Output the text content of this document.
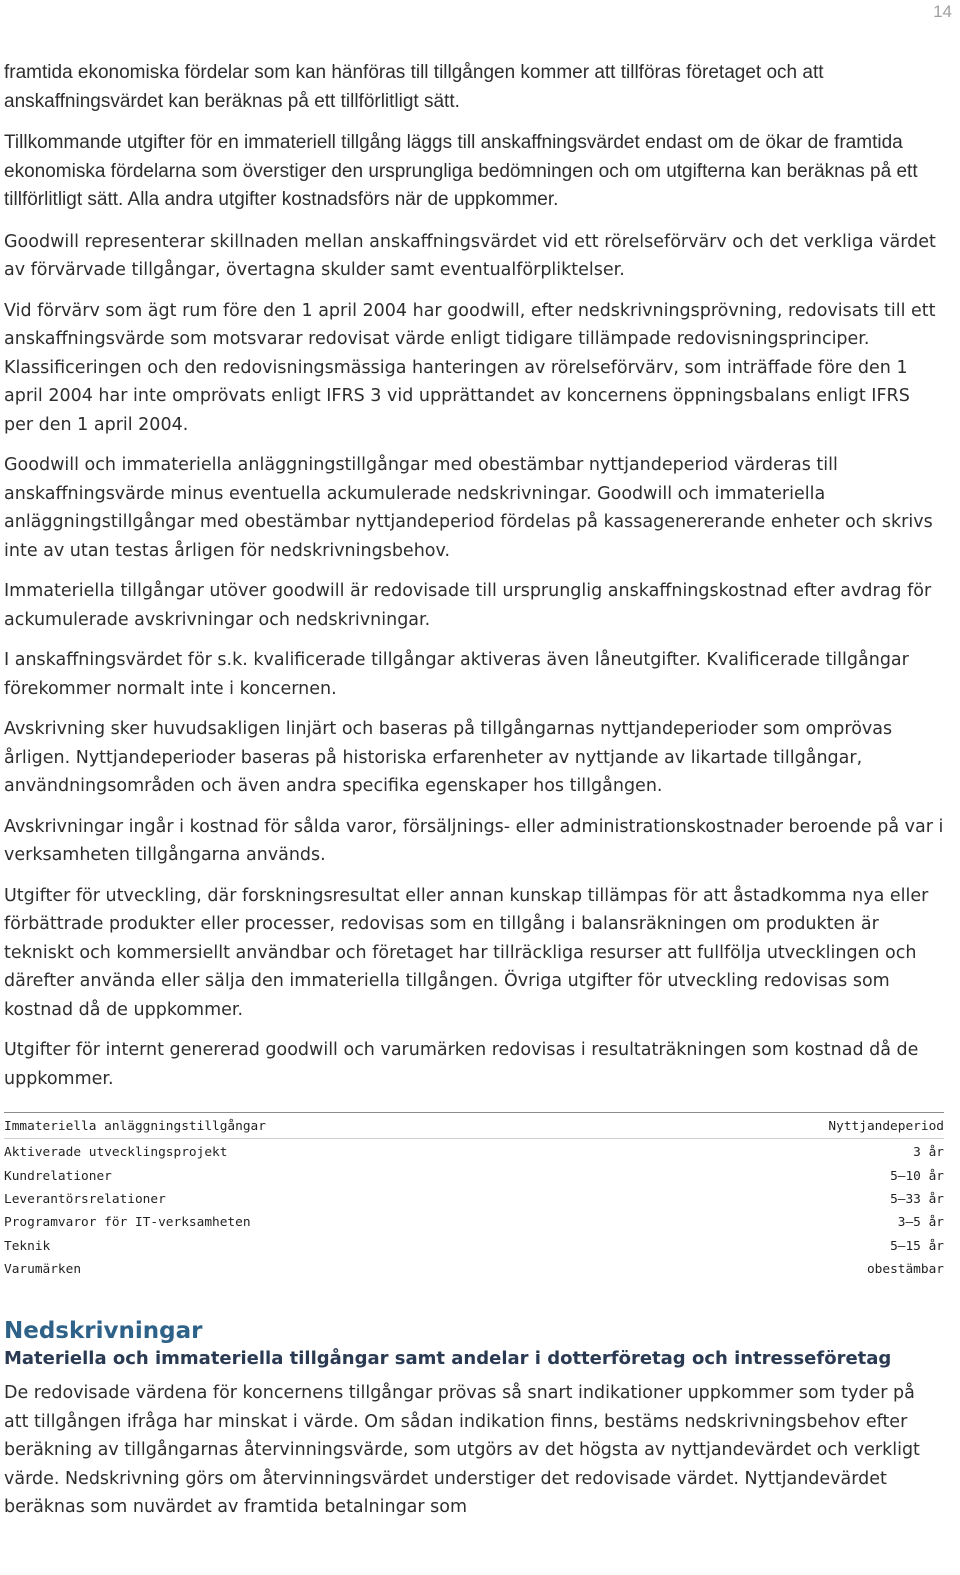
14

framtida ekonomiska fördelar som kan hänföras till tillgången kommer att tillföras företaget och att anskaffningsvärdet kan beräknas på ett tillförlitligt sätt.

Tillkommande utgifter för en immateriell tillgång läggs till anskaffningsvärdet endast om de ökar de framtida ekonomiska fördelarna som överstiger den ursprungliga bedömningen och om utgifterna kan beräknas på ett tillförlitligt sätt. Alla andra utgifter kostnadsförs när de uppkommer.

Goodwill representerar skillnaden mellan anskaffningsvärdet vid ett rörelseförvärv och det verkliga värdet av förvärvade tillgångar, övertagna skulder samt eventualförpliktelser.

Vid förvärv som ägt rum före den 1 april 2004 har goodwill, efter nedskrivningsprövning, redovisats till ett anskaffningsvärde som motsvarar redovisat värde enligt tidigare tillämpade redovisningsprinciper. Klassificeringen och den redovisningsmässiga hanteringen av rörelseförvärv, som inträffade före den 1 april 2004 har inte omprövats enligt IFRS 3 vid upprättandet av koncernens öppningsbalans enligt IFRS per den 1 april 2004.

Goodwill och immateriella anläggningstillgångar med obestämbar nyttjandeperiod värderas till anskaffningsvärde minus eventuella ackumulerade nedskrivningar. Goodwill och immateriella anläggningstillgångar med obestämbar nyttjandeperiod fördelas på kassagenererande enheter och skrivs inte av utan testas årligen för nedskrivningsbehov.

Immateriella tillgångar utöver goodwill är redovisade till ursprunglig anskaffningskostnad efter avdrag för ackumulerade avskrivningar och nedskrivningar.

I anskaffningsvärdet för s.k. kvalificerade tillgångar aktiveras även låneutgifter. Kvalificerade tillgångar förekommer normalt inte i koncernen.

Avskrivning sker huvudsakligen linjärt och baseras på tillgångarnas nyttjandeperioder som omprövas årligen. Nyttjandeperioder baseras på historiska erfarenheter av nyttjande av likartade tillgångar, användningsområden och även andra specifika egenskaper hos tillgången.

Avskrivningar ingår i kostnad för sålda varor, försäljnings- eller administrationskostnader beroende på var i verksamheten tillgångarna används.

Utgifter för utveckling, där forskningsresultat eller annan kunskap tillämpas för att åstadkomma nya eller förbättrade produkter eller processer, redovisas som en tillgång i balansräkningen om produkten är tekniskt och kommersiellt användbar och företaget har tillräckliga resurser att fullfölja utvecklingen och därefter använda eller sälja den immateriella tillgången. Övriga utgifter för utveckling redovisas som kostnad då de uppkommer.

Utgifter för internt genererad goodwill och varumärken redovisas i resultaträkningen som kostnad då de uppkommer.

Immateriella anläggningstillgångar	Nyttjandeperiod
Aktiverade utvecklingsprojekt	3 år
Kundrelationer	5–10 år
Leverantörsrelationer	5–33 år
Programvaror för IT-verksamheten	3–5 år
Teknik	5–15 år
Varumärken	obestämbar
Nedskrivningar
Materiella och immateriella tillgångar samt andelar i dotterföretag och intresseföretag

De redovisade värdena för koncernens tillgångar prövas så snart indikationer uppkommer som tyder på att tillgången ifråga har minskat i värde. Om sådan indikation finns, bestäms nedskrivningsbehov efter beräkning av tillgångarnas återvinningsvärde, som utgörs av det högsta av nyttjandevärdet och verkligt värde. Nedskrivning görs om återvinningsvärdet understiger det redovisade värdet. Nyttjandevärdet beräknas som nuvärdet av framtida betalningar som
